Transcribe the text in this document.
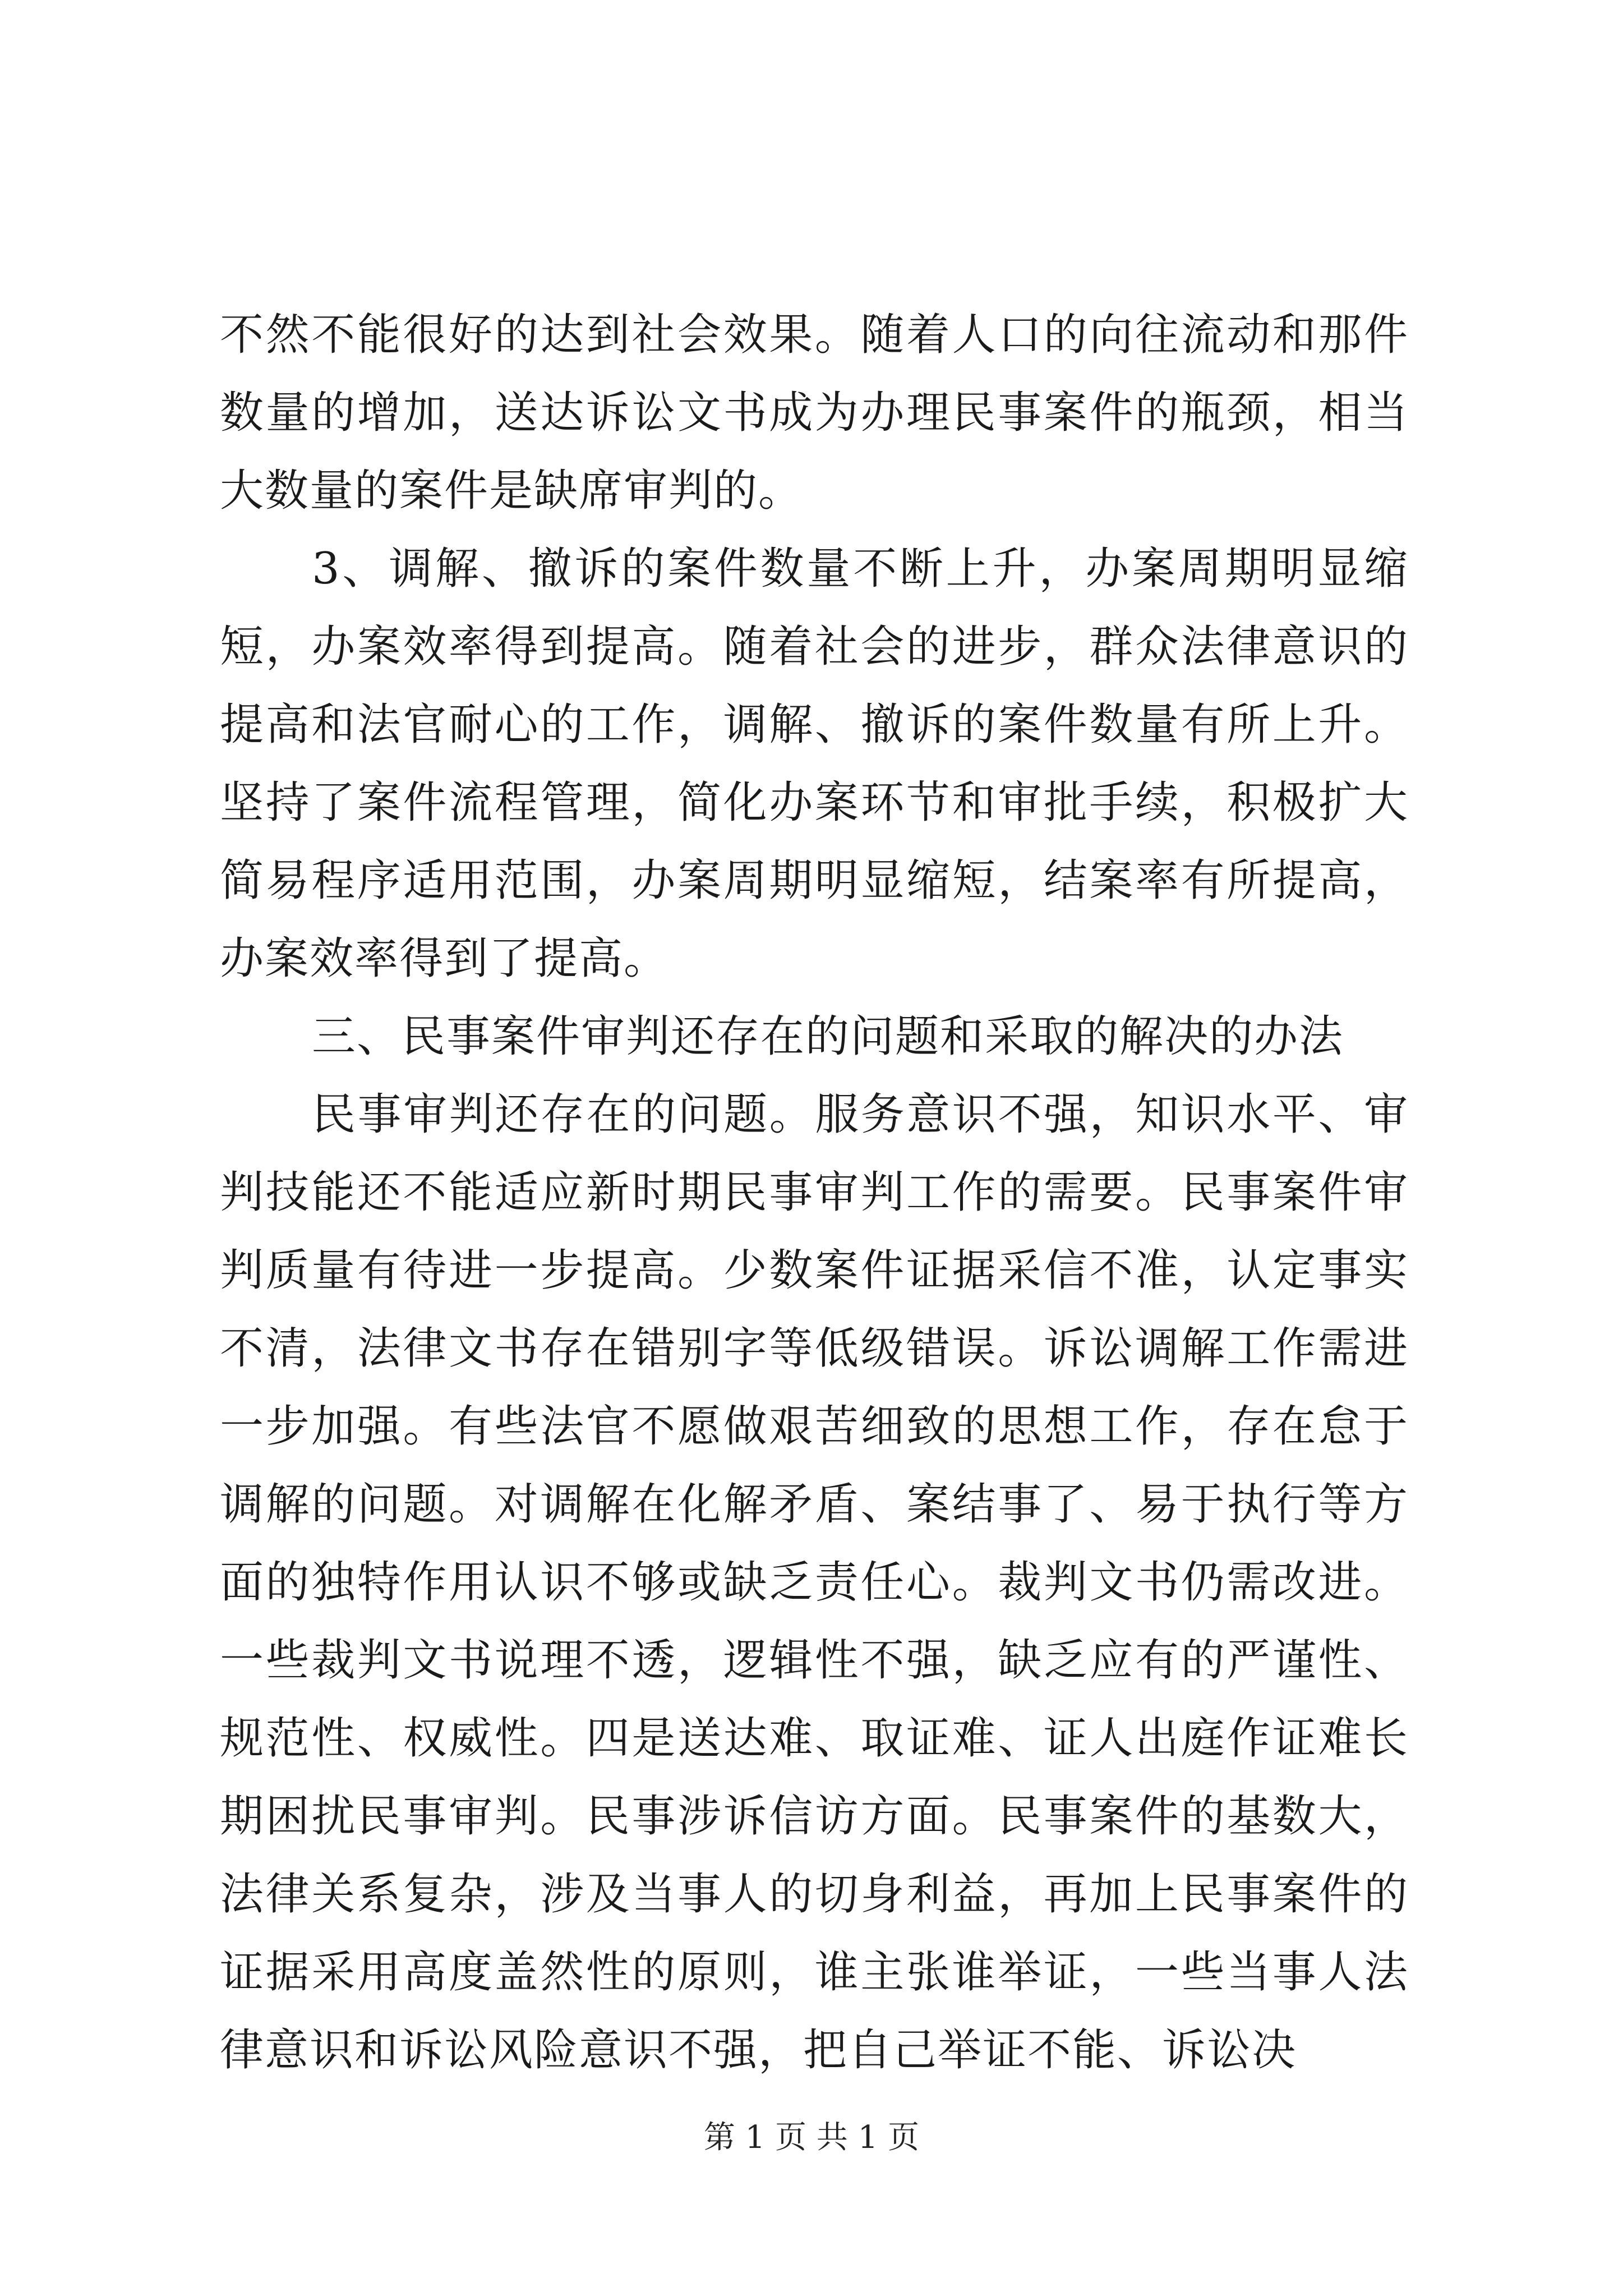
不然不能很好的达到社会效果。随着人口的向往流动和那件数量的增加，送达诉讼文书成为办理民事案件的瓶颈，相当大数量的案件是缺席审判的。

3、调解、撤诉的案件数量不断上升，办案周期明显缩短，办案效率得到提高。随着社会的进步，群众法律意识的提高和法官耐心的工作，调解、撤诉的案件数量有所上升。坚持了案件流程管理，简化办案环节和审批手续，积极扩大简易程序适用范围，办案周期明显缩短，结案率有所提高，办案效率得到了提高。

三、民事案件审判还存在的问题和采取的解决的办法

民事审判还存在的问题。服务意识不强，知识水平、审判技能还不能适应新时期民事审判工作的需要。民事案件审判质量有待进一步提高。少数案件证据采信不准，认定事实不清，法律文书存在错别字等低级错误。诉讼调解工作需进一步加强。有些法官不愿做艰苦细致的思想工作，存在怠于调解的问题。对调解在化解矛盾、案结事了、易于执行等方面的独特作用认识不够或缺乏责任心。裁判文书仍需改进。一些裁判文书说理不透，逻辑性不强，缺乏应有的严谨性、规范性、权威性。四是送达难、取证难、证人出庭作证难长期困扰民事审判。民事涉诉信访方面。民事案件的基数大，法律关系复杂，涉及当事人的切身利益，再加上民事案件的证据采用高度盖然性的原则，谁主张谁举证，一些当事人法律意识和诉讼风险意识不强，把自己举证不能、诉讼决

第 1 页 共 1 页
